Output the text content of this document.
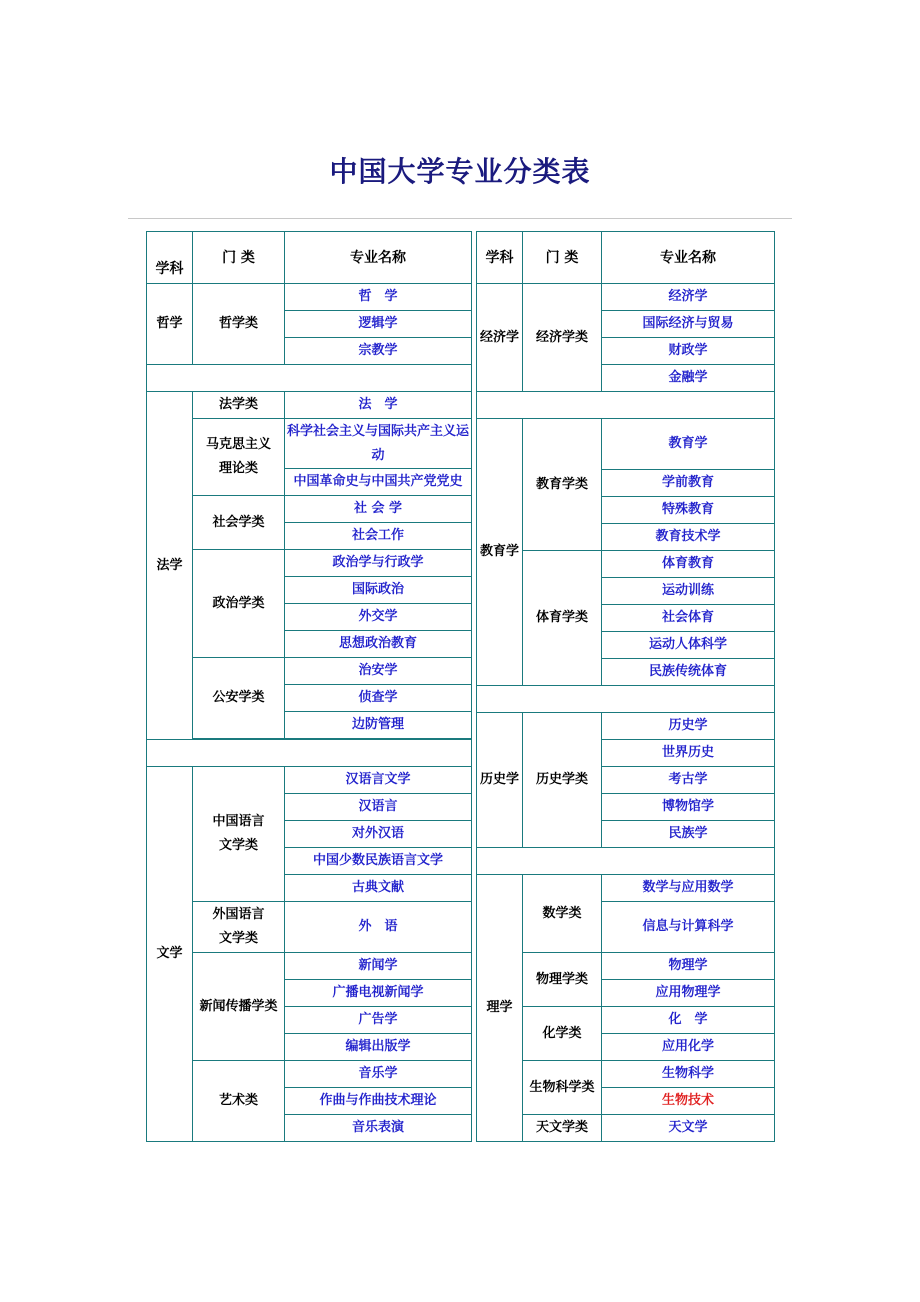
中国大学专业分类表
学科	门 类	专业名称
哲学	哲学类	哲　学
		逻辑学
		宗教学

法学	法学类	法　学

	马克思主义理论类	科学社会主义与国际共产主义运动

		中国革命史与中国共产党党史
	社会学类	社 会 学
		社会工作
	政治学类	政治学与行政学
		国际政治
		外交学
		思想政治教育
	公安学类	治安学
		侦查学
		边防管理

文学	中国语言文学类	汉语言文学
		汉语言
		对外汉语
		中国少数民族语言文学
		古典文献

	外国语言文学类	外　语
	新闻传播学类	新闻学
		广播电视新闻学
		广告学
		编辑出版学
	艺术类	音乐学
		作曲与作曲技术理论
		音乐表演
学科	门 类	专业名称
经济学	经济学类	经济学
		国际经济与贸易
		财政学
		金融学

教育学	教育学类	教育学
		学前教育
		特殊教育
		教育技术学
	体育学类	体育教育
		运动训练
		社会体育
		运动人体科学
		民族传统体育

历史学	历史学类	历史学
		世界历史
		考古学
		博物馆学
		民族学

理学	数学类	数学与应用数学
		信息与计算科学
	物理学类	物理学
		应用物理学
	化学类	化　学
		应用化学
	生物科学类	生物科学
		生物技术
	天文学类	天文学
